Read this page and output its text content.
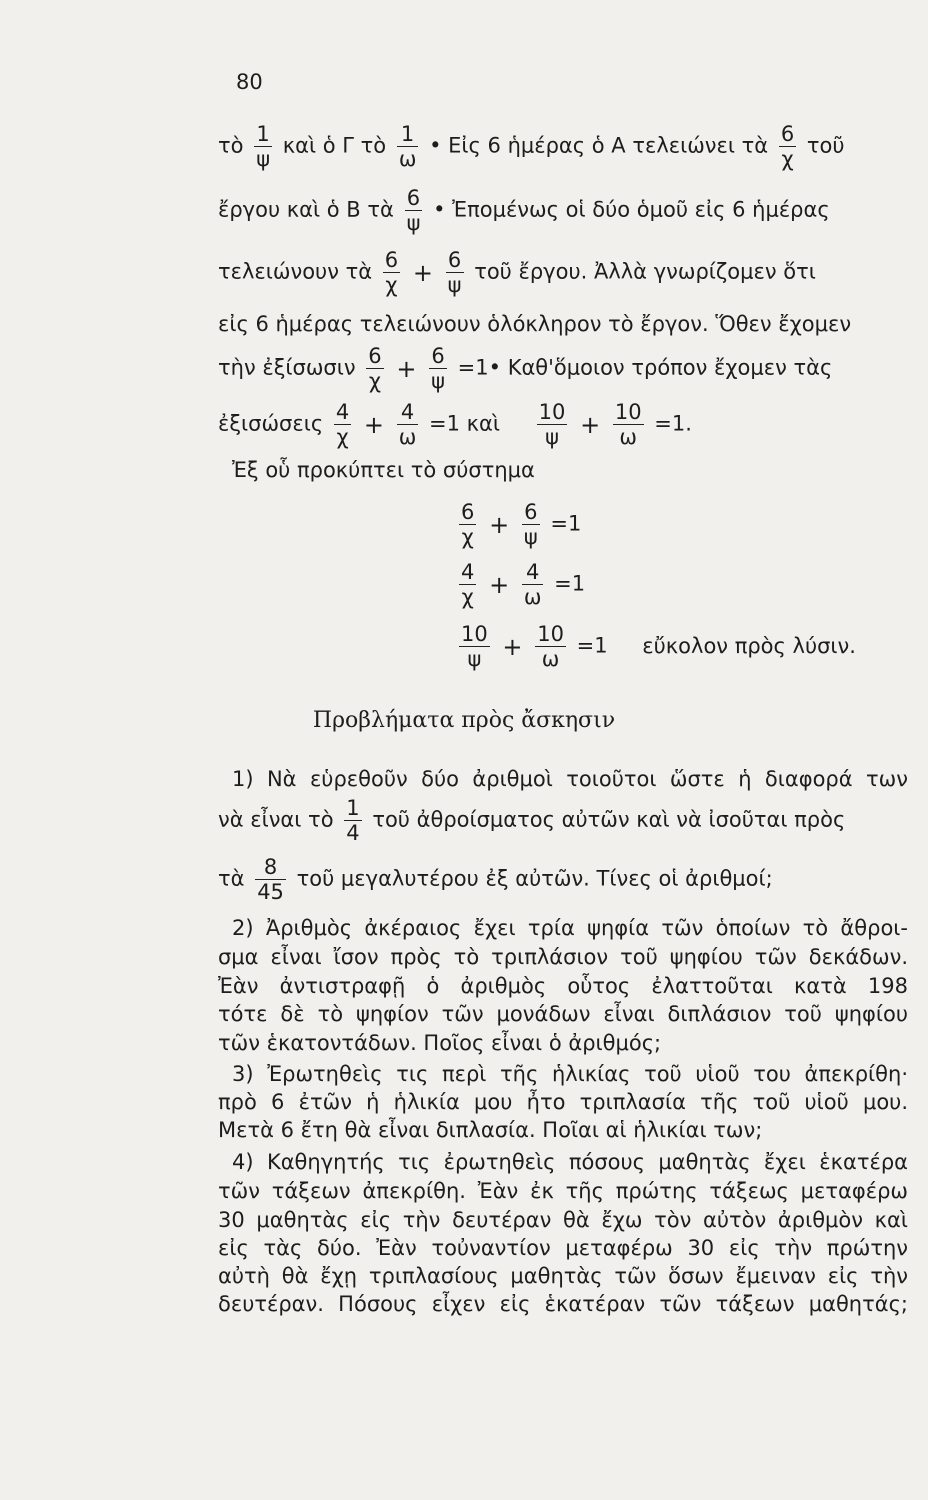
80
τὸ $\frac{1}{\psi}$ καὶ ὁ Γ τὸ $\frac{1}{\omega}$ • Εἰς 6 ἡμέρας ὁ Α τελειώνει τὰ $\frac{6}{\chi}$ τοῦ
ἔργου καὶ ὁ Β τὰ $\frac{6}{\psi}$ • Ἐπομένως οἱ δύο ὁμοῦ εἰς 6 ἡμέρας
τελειώνουν τὰ $\frac{6}{\chi} + \frac{6}{\psi}$ τοῦ ἔργου. Ἀλλὰ γνωρίζομεν ὅτι
εἰς 6 ἡμέρας τελειώνουν ὁλόκληρον τὸ ἔργον. Ὅθεν ἔχομεν
τὴν ἐξίσωσιν $\frac{6}{\chi} + \frac{6}{\psi}$ =1• Καθ'ὅμοιον τρόπον ἔχομεν τὰς
ἐξισώσεις $\frac{4}{\chi} + \frac{4}{\omega} =1$ καὶ $\frac{10}{\psi} + \frac{10}{\omega} =1$.
Ἐξ οὗ προκύπτει τὸ σύστημα
$\frac{6}{\chi} + \frac{6}{\psi} =1$
$\frac{4}{\chi} + \frac{4}{\omega} =1$
$\frac{10}{\psi} + \frac{10}{\omega} =1$ εὔκολον πρὸς λύσιν.
Προβλήματα πρὸς ἄσκησιν
1) Νὰ εὑρεθοῦν δύο ἀριθμοὶ τοιοῦτοι ὥστε ἡ διαφορά των
νὰ εἶναι τὸ $\frac{1}{4}$ τοῦ ἀθροίσματος αὐτῶν καὶ νὰ ἰσοῦται πρὸς
τὰ $\frac{8}{45}$ τοῦ μεγαλυτέρου ἐξ αὐτῶν. Τίνες οἱ ἀριθμοί;
2) Ἀριθμὸς ἀκέραιος ἔχει τρία ψηφία τῶν ὁποίων τὸ ἄθροι-
σμα εἶναι ἴσον πρὸς τὸ τριπλάσιον τοῦ ψηφίου τῶν δεκάδων.
Ἐὰν ἀντιστραφῇ ὁ ἀριθμὸς οὗτος ἐλαττοῦται κατὰ 198
τότε δὲ τὸ ψηφίον τῶν μονάδων εἶναι διπλάσιον τοῦ ψηφίου
τῶν ἑκατοντάδων. Ποῖος εἶναι ὁ ἀριθμός;
3) Ἐρωτηθεὶς τις περὶ τῆς ἡλικίας τοῦ υἱοῦ του ἀπεκρίθη·
πρὸ 6 ἐτῶν ἡ ἡλικία μου ἦτο τριπλασία τῆς τοῦ υἱοῦ μου.
Μετὰ 6 ἔτη θὰ εἶναι διπλασία. Ποῖαι αἱ ἡλικίαι των;
4) Καθηγητής τις ἐρωτηθεὶς πόσους μαθητὰς ἔχει ἑκατέρα
τῶν τάξεων ἀπεκρίθη. Ἐὰν ἐκ τῆς πρώτης τάξεως μεταφέρω
30 μαθητὰς εἰς τὴν δευτέραν θὰ ἔχω τὸν αὐτὸν ἀριθμὸν καὶ
εἰς τὰς δύο. Ἐὰν τοὐναντίον μεταφέρω 30 εἰς τὴν πρώτην
αὐτὴ θὰ ἔχῃ τριπλασίους μαθητὰς τῶν ὅσων ἔμειναν εἰς τὴν
δευτέραν. Πόσους εἶχεν εἰς ἑκατέραν τῶν τάξεων μαθητάς;
